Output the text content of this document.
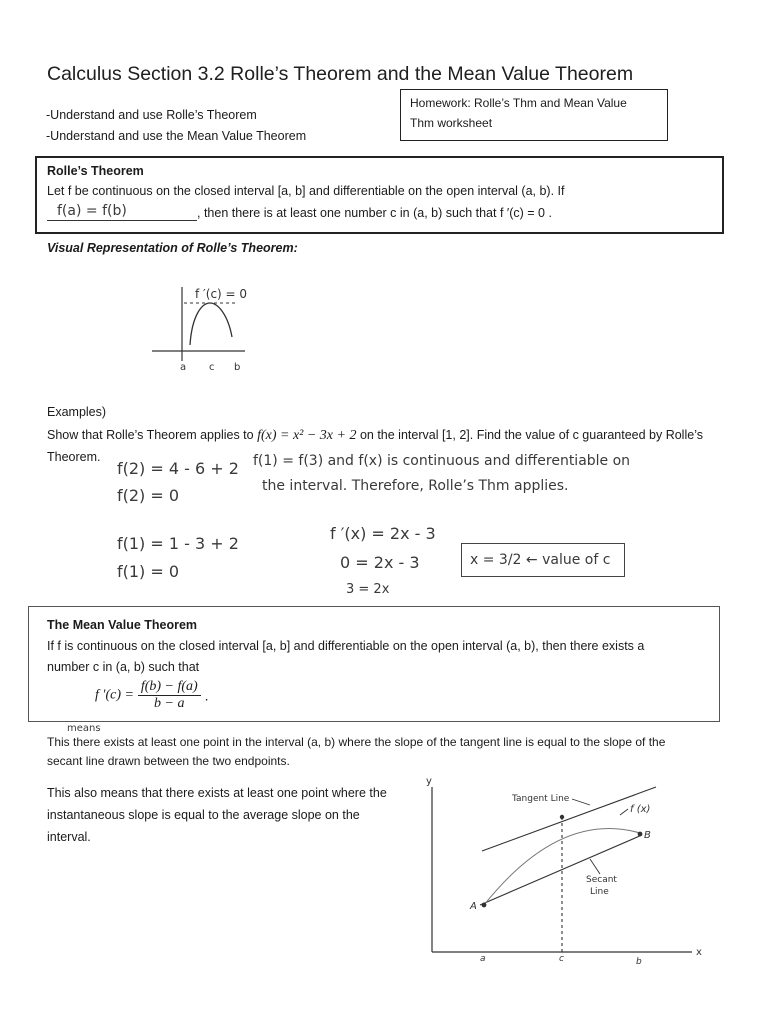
Calculus Section 3.2 Rolle’s Theorem and the Mean Value Theorem
-Understand and use Rolle’s Theorem
-Understand and use the Mean Value Theorem
Homework: Rolle’s Thm and Mean Value
Thm worksheet
Rolle’s Theorem
Let f be continuous on the closed interval [a, b] and differentiable on the open interval (a, b). If
f(a) = f(b)	, then there is at least one number c in (a, b) such that f ′(c) = 0 .
Visual Representation of Rolle’s Theorem:
f ′(c) = 0
a c b
Examples)
Show that Rolle’s Theorem applies to f(x) = x² − 3x + 2 on the interval [1, 2]. Find the value of c guaranteed by Rolle’s
Theorem.
f(2) = 4 - 6 + 2
f(2) = 0
f(1) = f(3) and f(x) is continuous and differentiable on
the interval. Therefore, Rolle’s Thm applies.
f(1) = 1 - 3 + 2
f(1) = 0
f ′(x) = 2x - 3
0 = 2x - 3
3 = 2x
x = 3/2 ← value of c
The Mean Value Theorem
If f is continuous on the closed interval [a, b] and differentiable on the open interval (a, b), then there exists a
number c in (a, b) such that
f $'(c) = \frac{f(b) - f(a)}{b - a}$ .
means
This there exists at least one point in the interval (a, b) where the slope of the tangent line is equal to the slope of the
secant line drawn between the two endpoints.
This also means that there exists at least one point where the
instantaneous slope is equal to the average slope on the
interval.
y
x
A
B
Tangent Line
f (x)
Secant
Line
a	c	b
